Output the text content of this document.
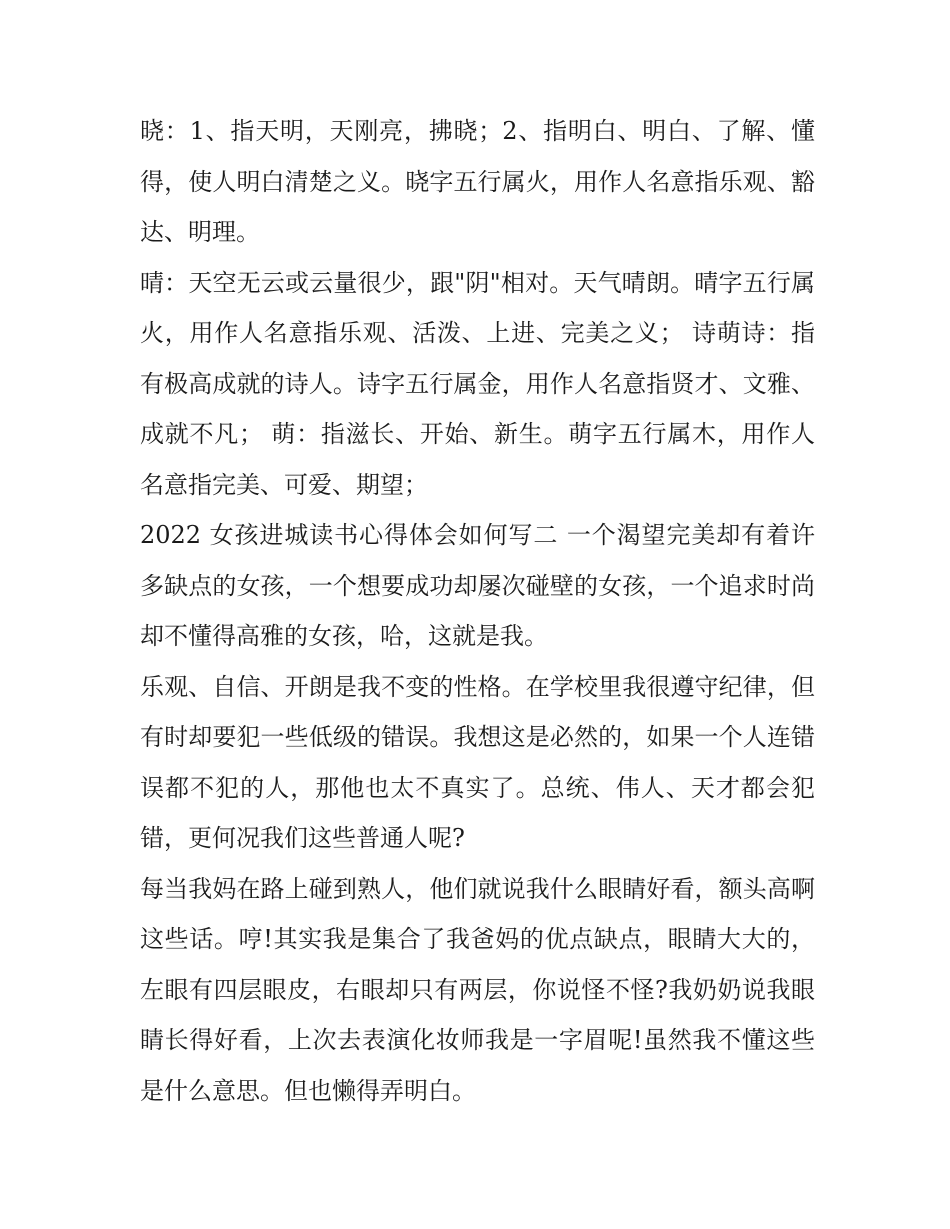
晓：1、指天明，天刚亮，拂晓；2、指明白、明白、了解、懂得，使人明白清楚之义。晓字五行属火，用作人名意指乐观、豁达、明理。

晴：天空无云或云量很少，跟"阴"相对。天气晴朗。晴字五行属火，用作人名意指乐观、活泼、上进、完美之义； 诗萌诗：指有极高成就的诗人。诗字五行属金，用作人名意指贤才、文雅、成就不凡； 萌：指滋长、开始、新生。萌字五行属木，用作人名意指完美、可爱、期望；

2022 女孩进城读书心得体会如何写二 一个渴望完美却有着许多缺点的女孩，一个想要成功却屡次碰壁的女孩，一个追求时尚却不懂得高雅的女孩，哈，这就是我。

乐观、自信、开朗是我不变的性格。在学校里我很遵守纪律，但有时却要犯一些低级的错误。我想这是必然的，如果一个人连错误都不犯的人，那他也太不真实了。总统、伟人、天才都会犯错，更何况我们这些普通人呢?

每当我妈在路上碰到熟人，他们就说我什么眼睛好看，额头高啊这些话。哼!其实我是集合了我爸妈的优点缺点，眼睛大大的，左眼有四层眼皮，右眼却只有两层，你说怪不怪?我奶奶说我眼睛长得好看，上次去表演化妆师我是一字眉呢!虽然我不懂这些是什么意思。但也懒得弄明白。
